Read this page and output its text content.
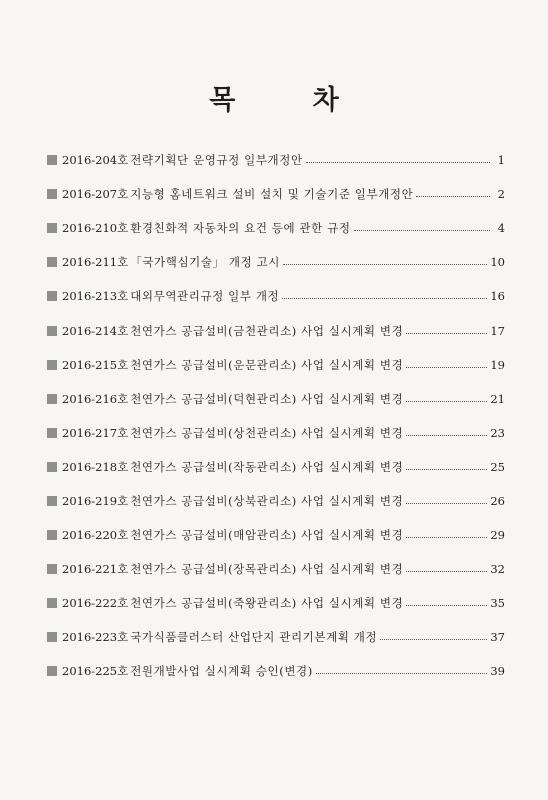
목 차
2016-204호 전략기획단 운영규정 일부개정안	1
2016-207호 지능형 홈네트워크 설비 설치 및 기술기준 일부개정안	2
2016-210호 환경친화적 자동차의 요건 등에 관한 규정	4
2016-211호 「국가핵심기술」 개정 고시	10
2016-213호 대외무역관리규정 일부 개정	16
2016-214호 천연가스 공급설비(금천관리소) 사업 실시계획 변경	17
2016-215호 천연가스 공급설비(운문관리소) 사업 실시계획 변경	19
2016-216호 천연가스 공급설비(덕현관리소) 사업 실시계획 변경	21
2016-217호 천연가스 공급설비(상천관리소) 사업 실시계획 변경	23
2016-218호 천연가스 공급설비(작동관리소) 사업 실시계획 변경	25
2016-219호 천연가스 공급설비(상북관리소) 사업 실시계획 변경	26
2016-220호 천연가스 공급설비(매암관리소) 사업 실시계획 변경	29
2016-221호 천연가스 공급설비(장목관리소) 사업 실시계획 변경	32
2016-222호 천연가스 공급설비(죽왕관리소) 사업 실시계획 변경	35
2016-223호 국가식품클러스터 산업단지 관리기본계획 개정	37
2016-225호 전원개발사업 실시계획 승인(변경)	39
